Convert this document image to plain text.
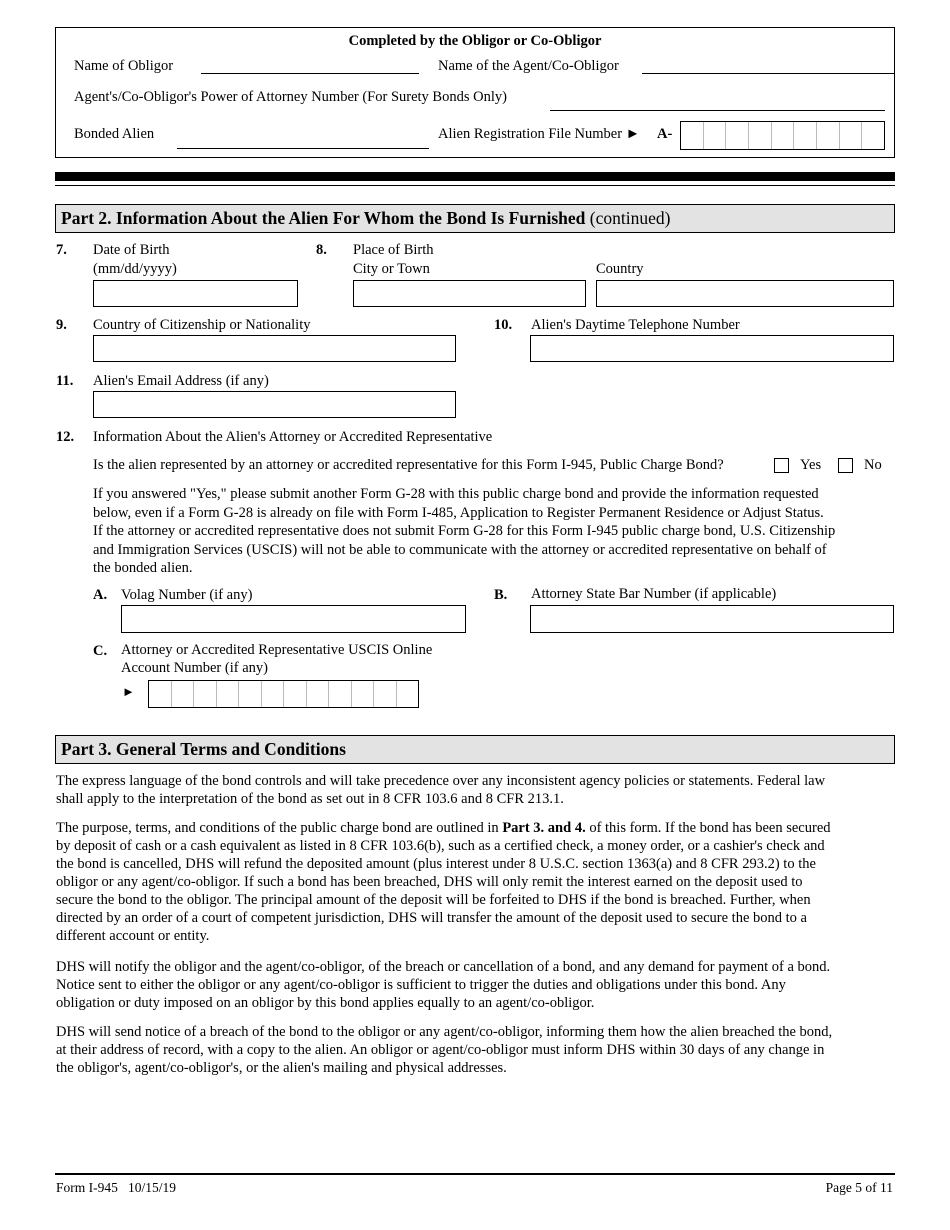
Completed by the Obligor or Co-Obligor
Name of Obligor	Name of the Agent/Co-Obligor
Agent's/Co-Obligor's Power of Attorney Number (For Surety Bonds Only)
Bonded Alien	Alien Registration File Number ► A-
Part 2. Information About the Alien For Whom the Bond Is Furnished (continued)
7. Date of Birth
(mm/dd/yyyy)
8. Place of Birth
City or Town	Country
9. Country of Citizenship or Nationality	10. Alien's Daytime Telephone Number
11. Alien's Email Address (if any)
12. Information About the Alien's Attorney or Accredited Representative
Is the alien represented by an attorney or accredited representative for this Form I-945, Public Charge Bond?	Yes	No
If you answered "Yes," please submit another Form G-28 with this public charge bond and provide the information requested
below, even if a Form G-28 is already on file with Form I-485, Application to Register Permanent Residence or Adjust Status.
If the attorney or accredited representative does not submit Form G-28 for this Form I-945 public charge bond, U.S. Citizenship
and Immigration Services (USCIS) will not be able to communicate with the attorney or accredited representative on behalf of
the bonded alien.
A. Volag Number (if any)	B. Attorney State Bar Number (if applicable)
C. Attorney or Accredited Representative USCIS Online
Account Number (if any)
►
Part 3. General Terms and Conditions
The express language of the bond controls and will take precedence over any inconsistent agency policies or statements. Federal law
shall apply to the interpretation of the bond as set out in 8 CFR 103.6 and 8 CFR 213.1.
The purpose, terms, and conditions of the public charge bond are outlined in Part 3. and 4. of this form. If the bond has been secured
by deposit of cash or a cash equivalent as listed in 8 CFR 103.6(b), such as a certified check, a money order, or a cashier's check and
the bond is cancelled, DHS will refund the deposited amount (plus interest under 8 U.S.C. section 1363(a) and 8 CFR 293.2) to the
obligor or any agent/co-obligor. If such a bond has been breached, DHS will only remit the interest earned on the deposit used to
secure the bond to the obligor. The principal amount of the deposit will be forfeited to DHS if the bond is breached. Further, when
directed by an order of a court of competent jurisdiction, DHS will transfer the amount of the deposit used to secure the bond to a
different account or entity.
DHS will notify the obligor and the agent/co-obligor, of the breach or cancellation of a bond, and any demand for payment of a bond.
Notice sent to either the obligor or any agent/co-obligor is sufficient to trigger the duties and obligations under this bond. Any
obligation or duty imposed on an obligor by this bond applies equally to an agent/co-obligor.
DHS will send notice of a breach of the bond to the obligor or any agent/co-obligor, informing them how the alien breached the bond,
at their address of record, with a copy to the alien. An obligor or agent/co-obligor must inform DHS within 30 days of any change in
the obligor's, agent/co-obligor's, or the alien's mailing and physical addresses.
Form I-945   10/15/19	Page 5 of 11
